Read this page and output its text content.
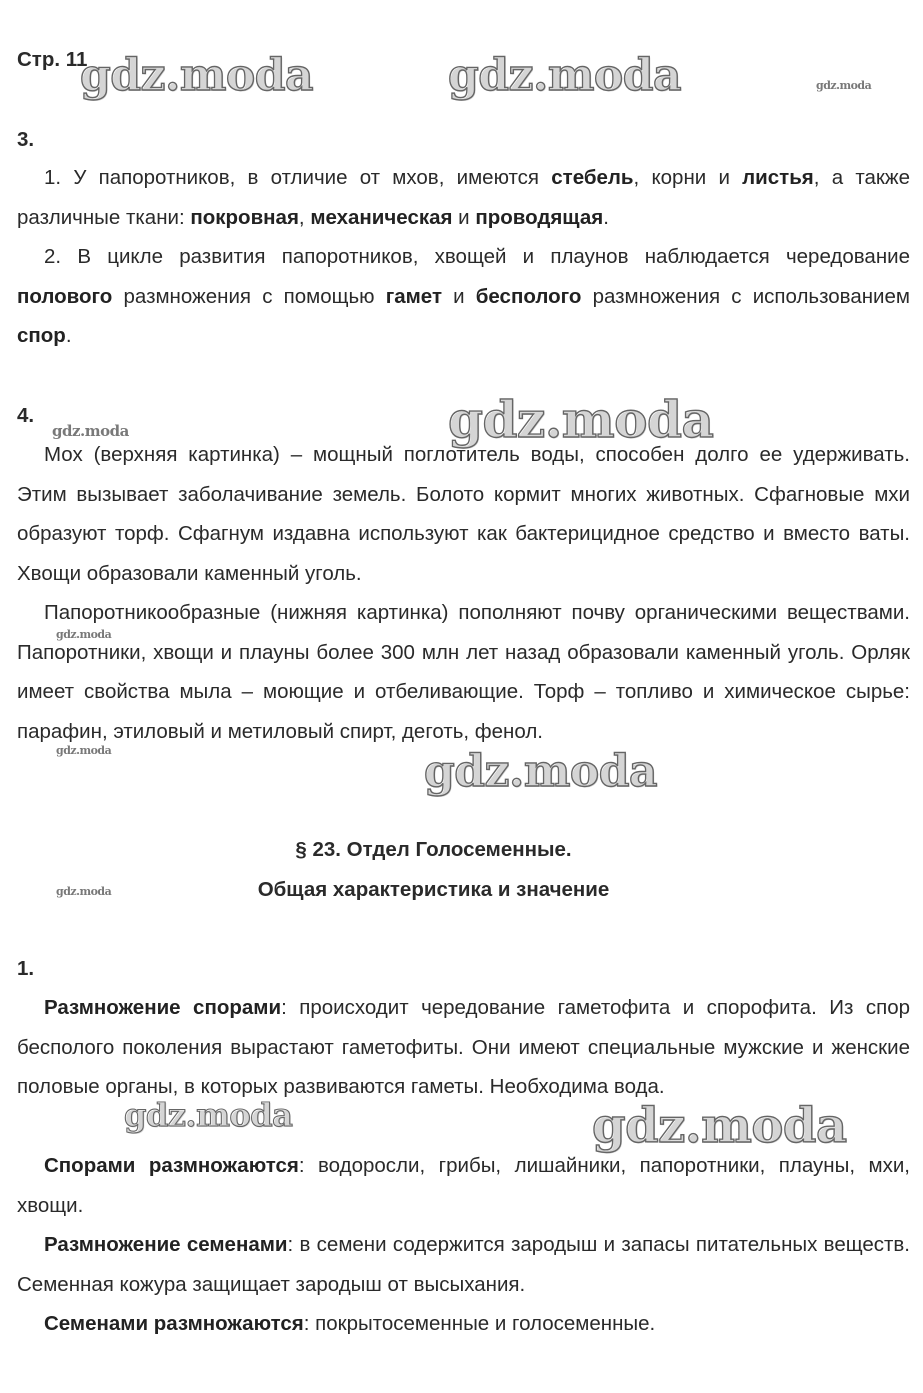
Стр. 11

3.

1. У папоротников, в отличие от мхов, имеются стебель, корни и листья, а также различные ткани: покровная, механическая и проводящая.

2. В цикле развития папоротников, хвощей и плаунов наблюдается чередование полового размножения с помощью гамет и бесполого размножения с использованием спор.

4.

Мох (верхняя картинка) – мощный поглотитель воды, способен долго ее удерживать. Этим вызывает заболачивание земель. Болото кормит многих животных. Сфагновые мхи образуют торф. Сфагнум издавна используют как бактерицидное средство и вместо ваты. Хвощи образовали каменный уголь.

Папоротникообразные (нижняя картинка) пополняют почву органическими веществами. Папоротники, хвощи и плауны более 300 млн лет назад образовали каменный уголь. Орляк имеет свойства мыла – моющие и отбеливающие. Торф – топливо и химическое сырье: парафин, этиловый и метиловый спирт, деготь, фенол.

§ 23. Отдел Голосеменные.

Общая характеристика и значение

1.

Размножение спорами: происходит чередование гаметофита и спорофита. Из спор бесполого поколения вырастают гаметофиты. Они имеют специальные мужские и женские половые органы, в которых развиваются гаметы. Необходима вода.

Спорами размножаются: водоросли, грибы, лишайники, папоротники, плауны, мхи, хвощи.

Размножение семенами: в семени содержится зародыш и запасы питательных веществ. Семенная кожура защищает зародыш от высыхания.

Семенами размножаются: покрытосеменные и голосеменные.

gdz.moda	gdz.moda	gdz.moda
gdz.moda	gdz.moda
gdz.moda
gdz.moda	gdz.moda
gdz.moda
gdz.moda	gdz.moda
